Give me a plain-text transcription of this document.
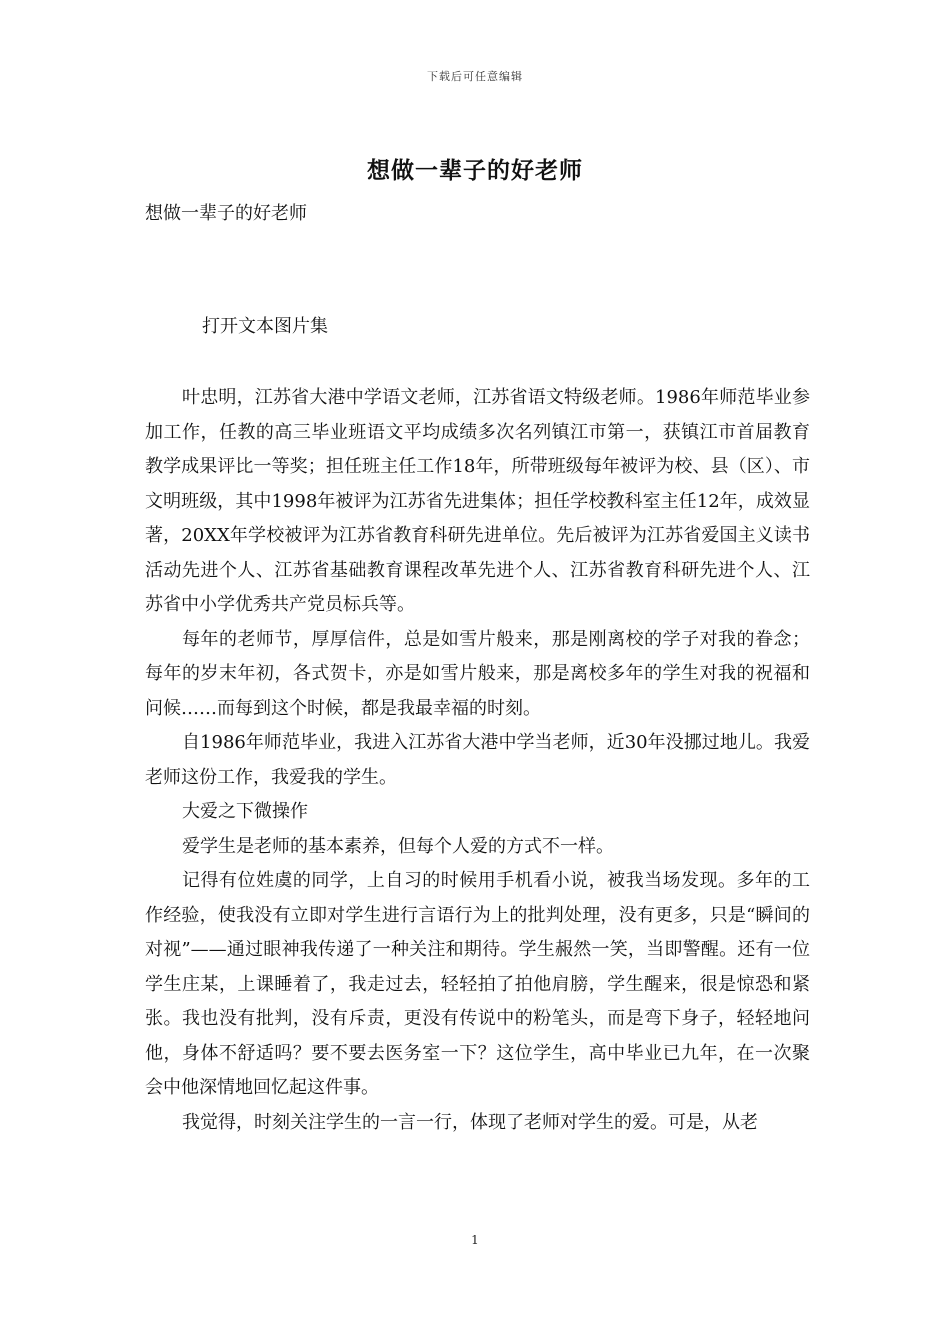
下载后可任意编辑
想做一辈子的好老师
想做一辈子的好老师
打开文本图片集

叶忠明，江苏省大港中学语文老师，江苏省语文特级老师。1986年师范毕业参加工作，任教的高三毕业班语文平均成绩多次名列镇江市第一，获镇江市首届教育教学成果评比一等奖；担任班主任工作18年，所带班级每年被评为校、县（区）、市文明班级，其中1998年被评为江苏省先进集体；担任学校教科室主任12年，成效显著，20XX年学校被评为江苏省教育科研先进单位。先后被评为江苏省爱国主义读书活动先进个人、江苏省基础教育课程改革先进个人、江苏省教育科研先进个人、江苏省中小学优秀共产党员标兵等。

每年的老师节，厚厚信件，总是如雪片般来，那是刚离校的学子对我的眷念；每年的岁末年初，各式贺卡，亦是如雪片般来，那是离校多年的学生对我的祝福和问候……而每到这个时候，都是我最幸福的时刻。

自1986年师范毕业，我进入江苏省大港中学当老师，近30年没挪过地儿。我爱老师这份工作，我爱我的学生。

大爱之下微操作

爱学生是老师的基本素养，但每个人爱的方式不一样。

记得有位姓虞的同学，上自习的时候用手机看小说，被我当场发现。多年的工作经验，使我没有立即对学生进行言语行为上的批判处理，没有更多，只是“瞬间的对视”——通过眼神我传递了一种关注和期待。学生赧然一笑，当即警醒。还有一位学生庄某，上课睡着了，我走过去，轻轻拍了拍他肩膀，学生醒来，很是惊恐和紧张。我也没有批判，没有斥责，更没有传说中的粉笔头，而是弯下身子，轻轻地问他，身体不舒适吗？要不要去医务室一下？这位学生，高中毕业已九年，在一次聚会中他深情地回忆起这件事。

我觉得，时刻关注学生的一言一行，体现了老师对学生的爱。可是，从老

1
